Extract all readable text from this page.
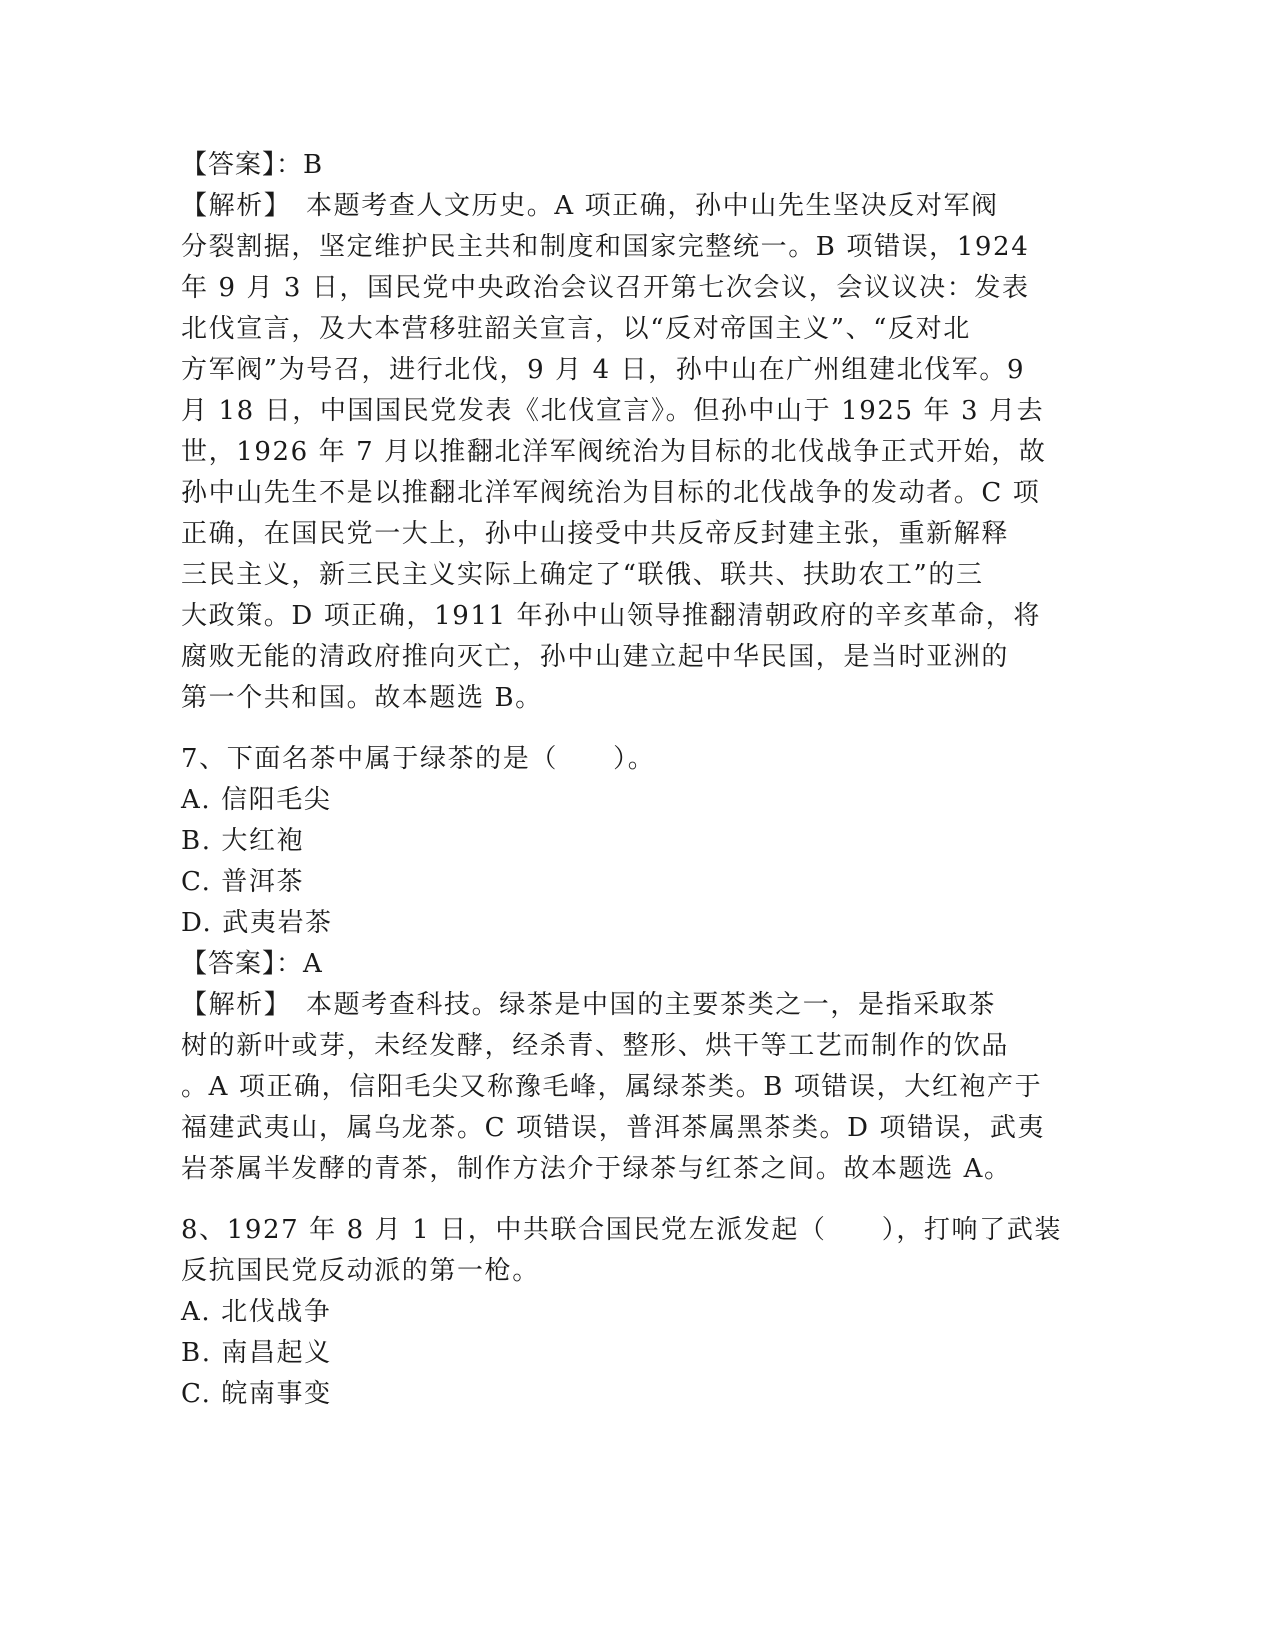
【答案】：B
【解析】　本题考查人文历史。A 项正确，孙中山先生坚决反对军阀
分裂割据，坚定维护民主共和制度和国家完整统一。B 项错误，1924
年 9 月 3 日，国民党中央政治会议召开第七次会议，会议议决：发表
北伐宣言，及大本营移驻韶关宣言，以“反对帝国主义”、“反对北
方军阀”为号召，进行北伐，9 月 4 日，孙中山在广州组建北伐军。9
月 18 日，中国国民党发表《北伐宣言》。但孙中山于 1925 年 3 月去
世，1926 年 7 月以推翻北洋军阀统治为目标的北伐战争正式开始，故
孙中山先生不是以推翻北洋军阀统治为目标的北伐战争的发动者。C 项
正确，在国民党一大上，孙中山接受中共反帝反封建主张，重新解释
三民主义，新三民主义实际上确定了“联俄、联共、扶助农工”的三
大政策。D 项正确，1911 年孙中山领导推翻清朝政府的辛亥革命，将
腐败无能的清政府推向灭亡，孙中山建立起中华民国，是当时亚洲的
第一个共和国。故本题选 B。
7、下面名茶中属于绿茶的是（　　）。
A. 信阳毛尖
B. 大红袍
C. 普洱茶
D. 武夷岩茶
【答案】：A
【解析】　本题考查科技。绿茶是中国的主要茶类之一，是指采取茶
树的新叶或芽，未经发酵，经杀青、整形、烘干等工艺而制作的饮品
。A 项正确，信阳毛尖又称豫毛峰，属绿茶类。B 项错误，大红袍产于
福建武夷山，属乌龙茶。C 项错误，普洱茶属黑茶类。D 项错误，武夷
岩茶属半发酵的青茶，制作方法介于绿茶与红茶之间。故本题选 A。
8、1927 年 8 月 1 日，中共联合国民党左派发起（　　），打响了武装
反抗国民党反动派的第一枪。
A. 北伐战争
B. 南昌起义
C. 皖南事变
